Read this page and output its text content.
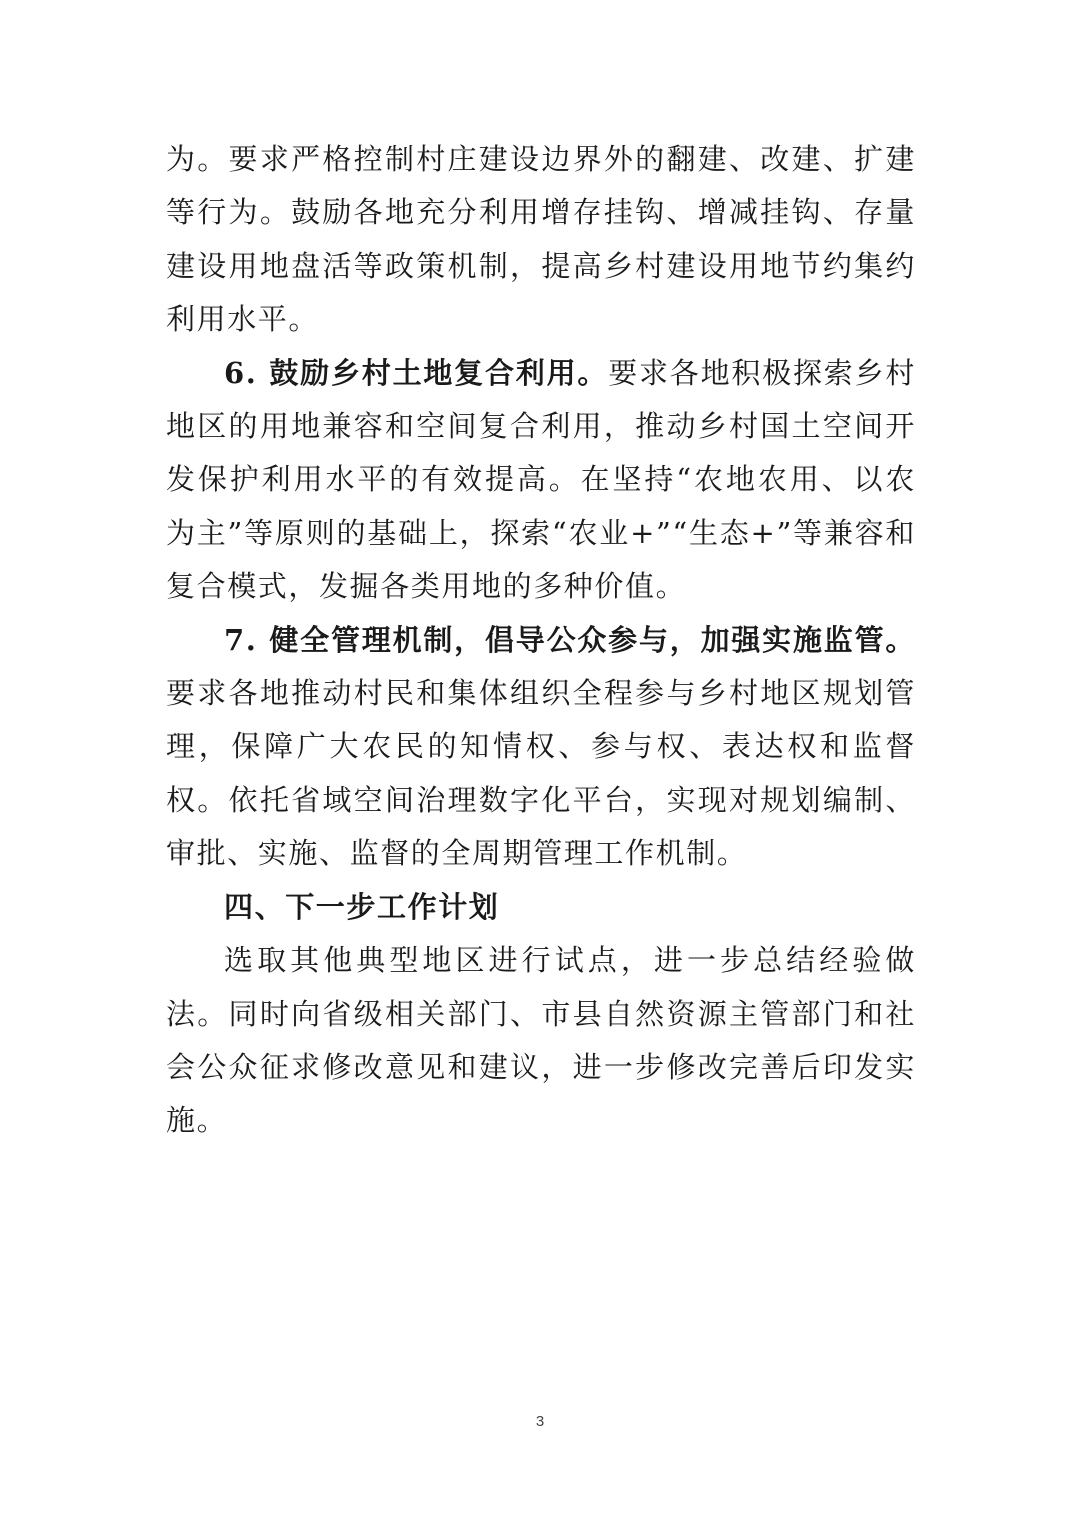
为。要求严格控制村庄建设边界外的翻建、改建、扩建等行为。鼓励各地充分利用增存挂钩、增减挂钩、存量建设用地盘活等政策机制，提高乡村建设用地节约集约利用水平。

6. 鼓励乡村土地复合利用。要求各地积极探索乡村地区的用地兼容和空间复合利用，推动乡村国土空间开发保护利用水平的有效提高。在坚持“农地农用、以农为主”等原则的基础上，探索“农业+”“生态+”等兼容和复合模式，发掘各类用地的多种价值。

7. 健全管理机制，倡导公众参与，加强实施监管。要求各地推动村民和集体组织全程参与乡村地区规划管理，保障广大农民的知情权、参与权、表达权和监督权。依托省域空间治理数字化平台，实现对规划编制、审批、实施、监督的全周期管理工作机制。

四、下一步工作计划

选取其他典型地区进行试点，进一步总结经验做法。同时向省级相关部门、市县自然资源主管部门和社会公众征求修改意见和建议，进一步修改完善后印发实施。

3
